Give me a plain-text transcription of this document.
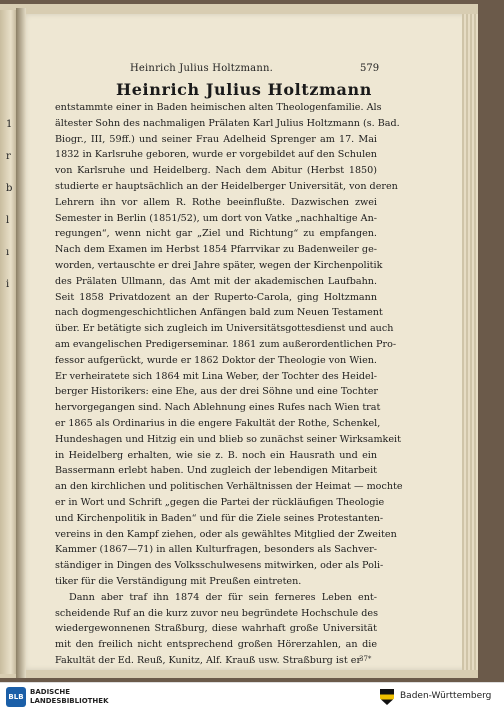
1
r
b
l
ı
i
Heinrich Julius Holtzmann.	579
Heinrich Julius Holtzmann
entstammte einer in Baden heimischen alten Theologenfamilie. Als
ältester Sohn des nachmaligen Prälaten Karl Julius Holtzmann (s. Bad.
Biogr., III, 59ff.) und seiner Frau Adelheid Sprenger am 17. Mai
1832 in Karlsruhe geboren, wurde er vorgebildet auf den Schulen
von Karlsruhe und Heidelberg. Nach dem Abitur (Herbst 1850)
studierte er hauptsächlich an der Heidelberger Universität, von deren
Lehrern ihn vor allem R. Rothe beeinflußte. Dazwischen zwei
Semester in Berlin (1851/52), um dort von Vatke „nachhaltige An-
regungen“, wenn nicht gar „Ziel und Richtung“ zu empfangen.
Nach dem Examen im Herbst 1854 Pfarrvikar zu Badenweiler ge-
worden, vertauschte er drei Jahre später, wegen der Kirchenpolitik
des Prälaten Ullmann, das Amt mit der akademischen Laufbahn.
Seit 1858 Privatdozent an der Ruperto-Carola, ging Holtzmann
nach dogmengeschichtlichen Anfängen bald zum Neuen Testament
über. Er betätigte sich zugleich im Universitätsgottesdienst und auch
am evangelischen Predigerseminar. 1861 zum außerordentlichen Pro-
fessor aufgerückt, wurde er 1862 Doktor der Theologie von Wien.
Er verheiratete sich 1864 mit Lina Weber, der Tochter des Heidel-
berger Historikers: eine Ehe, aus der drei Söhne und eine Tochter
hervorgegangen sind. Nach Ablehnung eines Rufes nach Wien trat
er 1865 als Ordinarius in die engere Fakultät der Rothe, Schenkel,
Hundeshagen und Hitzig ein und blieb so zunächst seiner Wirksamkeit
in Heidelberg erhalten, wie sie z. B. noch ein Hausrath und ein
Bassermann erlebt haben. Und zugleich der lebendigen Mitarbeit
an den kirchlichen und politischen Verhältnissen der Heimat — mochte
er in Wort und Schrift „gegen die Partei der rückläufigen Theologie
und Kirchenpolitik in Baden“ und für die Ziele seines Protestanten-
vereins in den Kampf ziehen, oder als gewähltes Mitglied der Zweiten
Kammer (1867—71) in allen Kulturfragen, besonders als Sachver-
ständiger in Dingen des Volksschulwesens mitwirken, oder als Poli-
tiker für die Verständigung mit Preußen eintreten.
Dann aber traf ihn 1874 der für sein ferneres Leben ent-
scheidende Ruf an die kurz zuvor neu begründete Hochschule des
wiedergewonnenen Straßburg, diese wahrhaft große Universität
mit den freilich nicht entsprechend großen Hörerzahlen, an die
Fakultät der Ed. Reuß, Kunitz, Alf. Krauß usw. Straßburg ist er
37*
BLB
BADISCHE
LANDESBIBLIOTHEK	Baden-Württemberg
